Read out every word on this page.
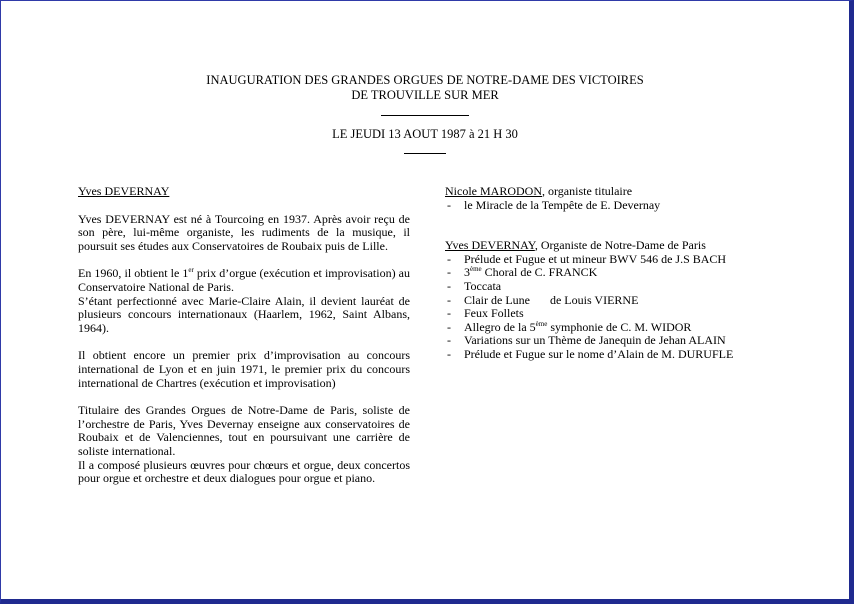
INAUGURATION DES GRANDES ORGUES DE NOTRE-DAME DES VICTOIRES
DE TROUVILLE SUR MER
LE JEUDI 13 AOUT 1987 à 21 H 30

Yves DEVERNAY

Yves DEVERNAY est né à Tourcoing en 1937. Après avoir reçu de son père, lui-même organiste, les rudiments de la musique, il poursuit ses études aux Conservatoires de Roubaix puis de Lille.

En 1960, il obtient le 1er prix d’orgue (exécution et improvisation) au Conservatoire National de Paris.

S’étant perfectionné avec Marie-Claire Alain, il devient lauréat de plusieurs concours internationaux (Haarlem, 1962, Saint Albans, 1964).

Il obtient encore un premier prix d’improvisation au concours international de Lyon et en juin 1971, le premier prix du concours international de Chartres (exécution et improvisation)

Titulaire des Grandes Orgues de Notre-Dame de Paris, soliste de l’orchestre de Paris, Yves Devernay enseigne aux conservatoires de Roubaix et de Valenciennes, tout en poursuivant une carrière de soliste international.

Il a composé plusieurs œuvres pour chœurs et orgue, deux concertos pour orgue et orchestre et deux dialogues pour orgue et piano.

Nicole MARODON, organiste titulaire

- le Miracle de la Tempête de E. Devernay

Yves DEVERNAY, Organiste de Notre-Dame de Paris

- Prélude et Fugue et ut mineur BWV 546 de J.S BACH
- 3ème Choral de C. FRANCK
- Toccata
- Clair de Lune de Louis VIERNE
- Feux Follets
- Allegro de la 5ème symphonie de C. M. WIDOR
- Variations sur un Thème de Janequin de Jehan ALAIN
- Prélude et Fugue sur le nome d’Alain de M. DURUFLE
